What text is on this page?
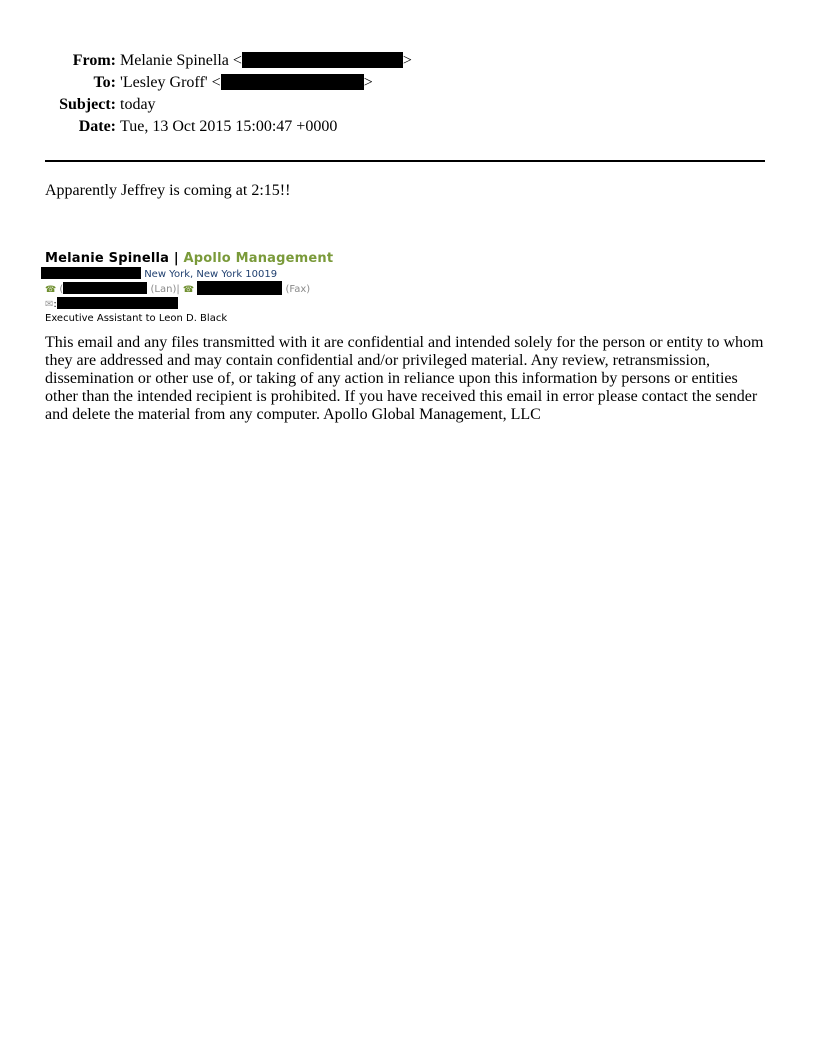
From: Melanie Spinella <	>
To: 'Lesley Groff' <	>
Subject: today
Date: Tue, 13 Oct 2015 15:00:47 +0000
Apparently Jeffrey is coming at 2:15!!
Melanie Spinella | Apollo Management
New York, New York 10019
☎ (	(Lan)| ☎	(Fax)
✉:
Executive Assistant to Leon D. Black
This email and any files transmitted with it are confidential and intended solely for the person or entity to whom they are addressed and may contain confidential and/or privileged material. Any review, retransmission, dissemination or other use of, or taking of any action in reliance upon this information by persons or entities other than the intended recipient is prohibited. If you have received this email in error please contact the sender and delete the material from any computer. Apollo Global Management, LLC
